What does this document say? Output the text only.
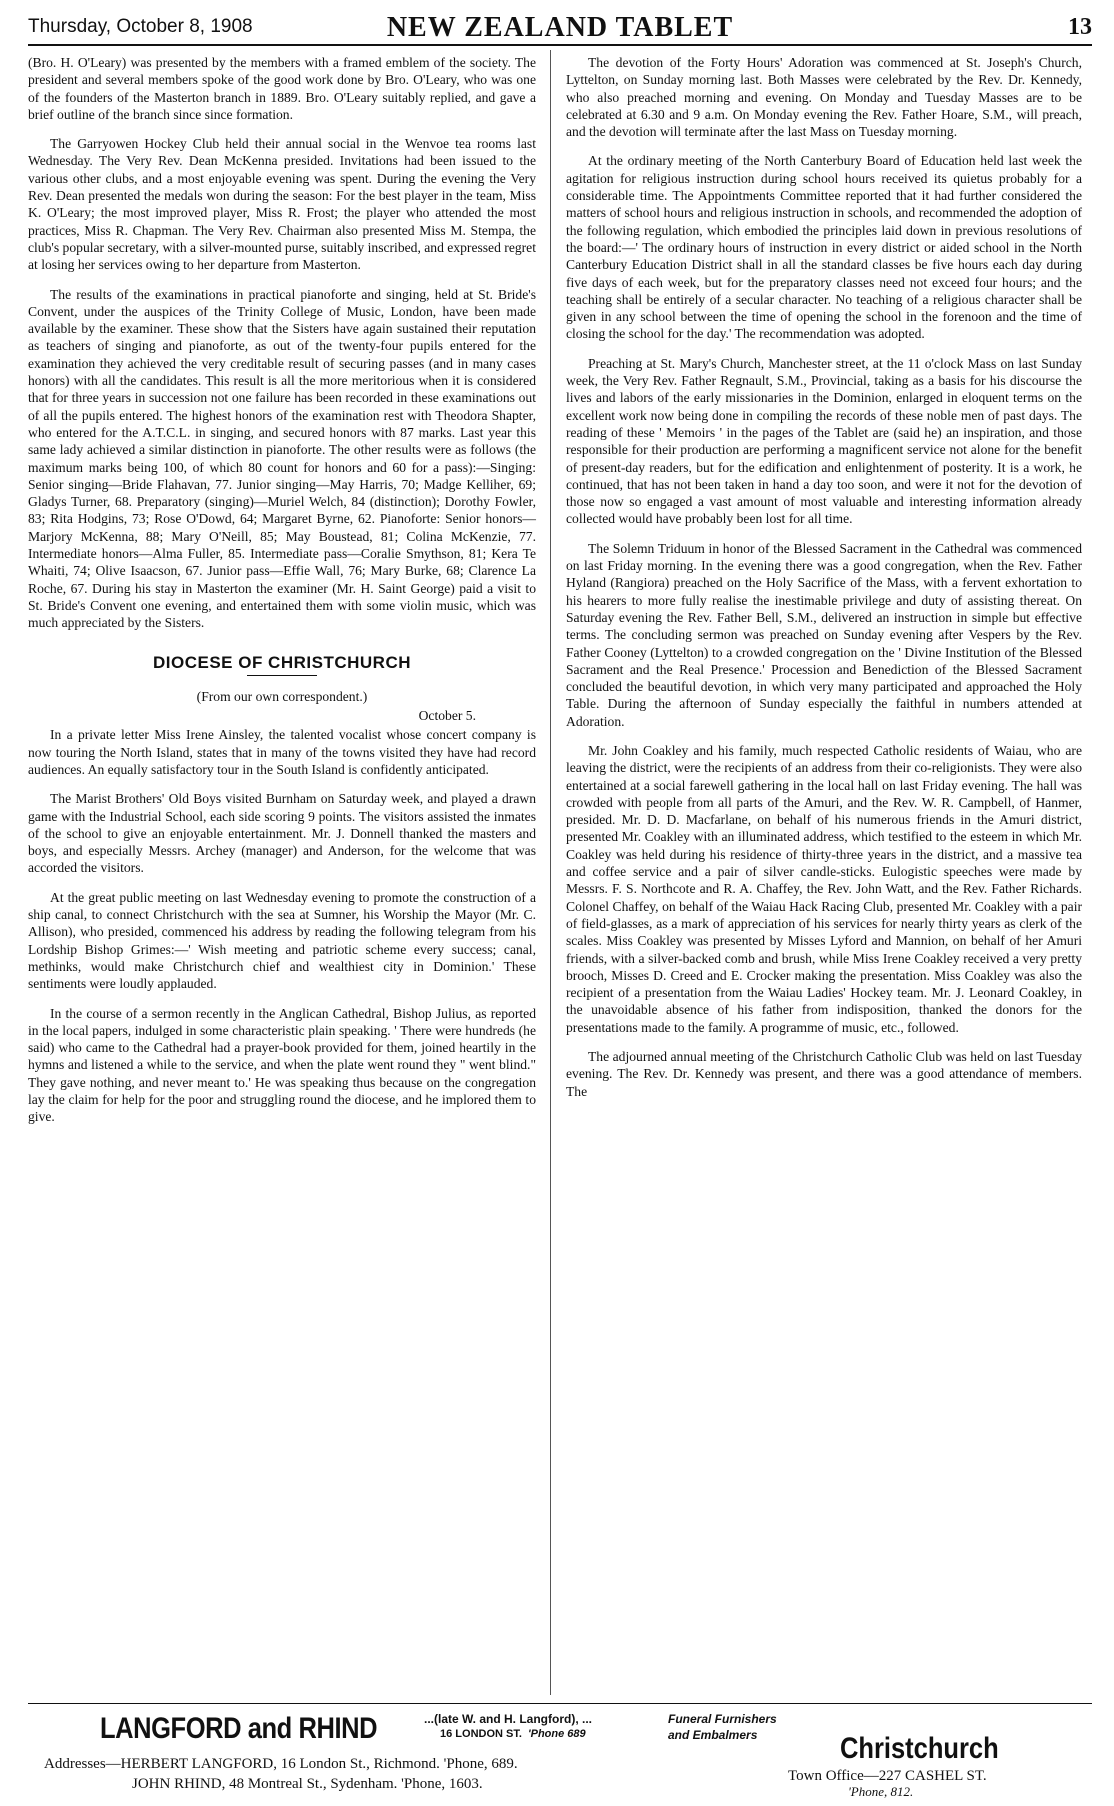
Thursday, October 8, 1908	NEW ZEALAND TABLET	13

(Bro. H. O'Leary) was presented by the members with a framed emblem of the society. The president and several members spoke of the good work done by Bro. O'Leary, who was one of the founders of the Masterton branch in 1889. Bro. O'Leary suitably replied, and gave a brief outline of the branch since since formation.

The Garryowen Hockey Club held their annual social in the Wenvoe tea rooms last Wednesday. The Very Rev. Dean McKenna presided. Invitations had been issued to the various other clubs, and a most enjoyable evening was spent. During the evening the Very Rev. Dean presented the medals won during the season: For the best player in the team, Miss K. O'Leary; the most improved player, Miss R. Frost; the player who attended the most practices, Miss R. Chapman. The Very Rev. Chairman also presented Miss M. Stempa, the club's popular secretary, with a silver-mounted purse, suitably inscribed, and expressed regret at losing her services owing to her departure from Masterton.

The results of the examinations in practical pianoforte and singing, held at St. Bride's Convent, under the auspices of the Trinity College of Music, London, have been made available by the examiner. These show that the Sisters have again sustained their reputation as teachers of singing and pianoforte, as out of the twenty-four pupils entered for the examination they achieved the very creditable result of securing passes (and in many cases honors) with all the candidates. This result is all the more meritorious when it is considered that for three years in succession not one failure has been recorded in these examinations out of all the pupils entered. The highest honors of the examination rest with Theodora Shapter, who entered for the A.T.C.L. in singing, and secured honors with 87 marks. Last year this same lady achieved a similar distinction in pianoforte. The other results were as follows (the maximum marks being 100, of which 80 count for honors and 60 for a pass):—Singing: Senior singing—Bride Flahavan, 77. Junior singing—May Harris, 70; Madge Kelliher, 69; Gladys Turner, 68. Preparatory (singing)—Muriel Welch, 84 (distinction); Dorothy Fowler, 83; Rita Hodgins, 73; Rose O'Dowd, 64; Margaret Byrne, 62. Pianoforte: Senior honors—Marjory McKenna, 88; Mary O'Neill, 85; May Boustead, 81; Colina McKenzie, 77. Intermediate honors—Alma Fuller, 85. Intermediate pass—Coralie Smythson, 81; Kera Te Whaiti, 74; Olive Isaacson, 67. Junior pass—Effie Wall, 76; Mary Burke, 68; Clarence La Roche, 67. During his stay in Masterton the examiner (Mr. H. Saint George) paid a visit to St. Bride's Convent one evening, and entertained them with some violin music, which was much appreciated by the Sisters.

DIOCESE OF CHRISTCHURCH
(From our own correspondent.)
October 5.

In a private letter Miss Irene Ainsley, the talented vocalist whose concert company is now touring the North Island, states that in many of the towns visited they have had record audiences. An equally satisfactory tour in the South Island is confidently anticipated.

The Marist Brothers' Old Boys visited Burnham on Saturday week, and played a drawn game with the Industrial School, each side scoring 9 points. The visitors assisted the inmates of the school to give an enjoyable entertainment. Mr. J. Donnell thanked the masters and boys, and especially Messrs. Archey (manager) and Anderson, for the welcome that was accorded the visitors.

At the great public meeting on last Wednesday evening to promote the construction of a ship canal, to connect Christchurch with the sea at Sumner, his Worship the Mayor (Mr. C. Allison), who presided, commenced his address by reading the following telegram from his Lordship Bishop Grimes:—' Wish meeting and patriotic scheme every success; canal, methinks, would make Christchurch chief and wealthiest city in Dominion.' These sentiments were loudly applauded.

In the course of a sermon recently in the Anglican Cathedral, Bishop Julius, as reported in the local papers, indulged in some characteristic plain speaking. ' There were hundreds (he said) who came to the Cathedral had a prayer-book provided for them, joined heartily in the hymns and listened a while to the service, and when the plate went round they " went blind." They gave nothing, and never meant to.' He was speaking thus because on the congregation lay the claim for help for the poor and struggling round the diocese, and he implored them to give.

The devotion of the Forty Hours' Adoration was commenced at St. Joseph's Church, Lyttelton, on Sunday morning last. Both Masses were celebrated by the Rev. Dr. Kennedy, who also preached morning and evening. On Monday and Tuesday Masses are to be celebrated at 6.30 and 9 a.m. On Monday evening the Rev. Father Hoare, S.M., will preach, and the devotion will terminate after the last Mass on Tuesday morning.

At the ordinary meeting of the North Canterbury Board of Education held last week the agitation for religious instruction during school hours received its quietus probably for a considerable time. The Appointments Committee reported that it had further considered the matters of school hours and religious instruction in schools, and recommended the adoption of the following regulation, which embodied the principles laid down in previous resolutions of the board:—' The ordinary hours of instruction in every district or aided school in the North Canterbury Education District shall in all the standard classes be five hours each day during five days of each week, but for the preparatory classes need not exceed four hours; and the teaching shall be entirely of a secular character. No teaching of a religious character shall be given in any school between the time of opening the school in the forenoon and the time of closing the school for the day.' The recommendation was adopted.

Preaching at St. Mary's Church, Manchester street, at the 11 o'clock Mass on last Sunday week, the Very Rev. Father Regnault, S.M., Provincial, taking as a basis for his discourse the lives and labors of the early missionaries in the Dominion, enlarged in eloquent terms on the excellent work now being done in compiling the records of these noble men of past days. The reading of these ' Memoirs ' in the pages of the Tablet are (said he) an inspiration, and those responsible for their production are performing a magnificent service not alone for the benefit of present-day readers, but for the edification and enlightenment of posterity. It is a work, he continued, that has not been taken in hand a day too soon, and were it not for the devotion of those now so engaged a vast amount of most valuable and interesting information already collected would have probably been lost for all time.

The Solemn Triduum in honor of the Blessed Sacrament in the Cathedral was commenced on last Friday morning. In the evening there was a good congregation, when the Rev. Father Hyland (Rangiora) preached on the Holy Sacrifice of the Mass, with a fervent exhortation to his hearers to more fully realise the inestimable privilege and duty of assisting thereat. On Saturday evening the Rev. Father Bell, S.M., delivered an instruction in simple but effective terms. The concluding sermon was preached on Sunday evening after Vespers by the Rev. Father Cooney (Lyttelton) to a crowded congregation on the ' Divine Institution of the Blessed Sacrament and the Real Presence.' Procession and Benediction of the Blessed Sacrament concluded the beautiful devotion, in which very many participated and approached the Holy Table. During the afternoon of Sunday especially the faithful in numbers attended at Adoration.

Mr. John Coakley and his family, much respected Catholic residents of Waiau, who are leaving the district, were the recipients of an address from their co-religionists. They were also entertained at a social farewell gathering in the local hall on last Friday evening. The hall was crowded with people from all parts of the Amuri, and the Rev. W. R. Campbell, of Hanmer, presided. Mr. D. D. Macfarlane, on behalf of his numerous friends in the Amuri district, presented Mr. Coakley with an illuminated address, which testified to the esteem in which Mr. Coakley was held during his residence of thirty-three years in the district, and a massive tea and coffee service and a pair of silver candle-sticks. Eulogistic speeches were made by Messrs. F. S. Northcote and R. A. Chaffey, the Rev. John Watt, and the Rev. Father Richards. Colonel Chaffey, on behalf of the Waiau Hack Racing Club, presented Mr. Coakley with a pair of field-glasses, as a mark of appreciation of his services for nearly thirty years as clerk of the scales. Miss Coakley was presented by Misses Lyford and Mannion, on behalf of her Amuri friends, with a silver-backed comb and brush, while Miss Irene Coakley received a very pretty brooch, Misses D. Creed and E. Crocker making the presentation. Miss Coakley was also the recipient of a presentation from the Waiau Ladies' Hockey team. Mr. J. Leonard Coakley, in the unavoidable absence of his father from indisposition, thanked the donors for the presentations made to the family. A programme of music, etc., followed.

The adjourned annual meeting of the Christchurch Catholic Club was held on last Tuesday evening. The Rev. Dr. Kennedy was present, and there was a good attendance of members. The

LANGFORD and RHIND	...(late W. and H. Langford), ...
16 LONDON ST. 'Phone 689
Funeral Furnishers
and Embalmers	Christchurch
Addresses—HERBERT LANGFORD, 16 London St., Richmond. 'Phone, 689.
JOHN RHIND, 48 Montreal St., Sydenham. 'Phone, 1603.	Town Office—227 CASHEL ST.
'Phone, 812.
